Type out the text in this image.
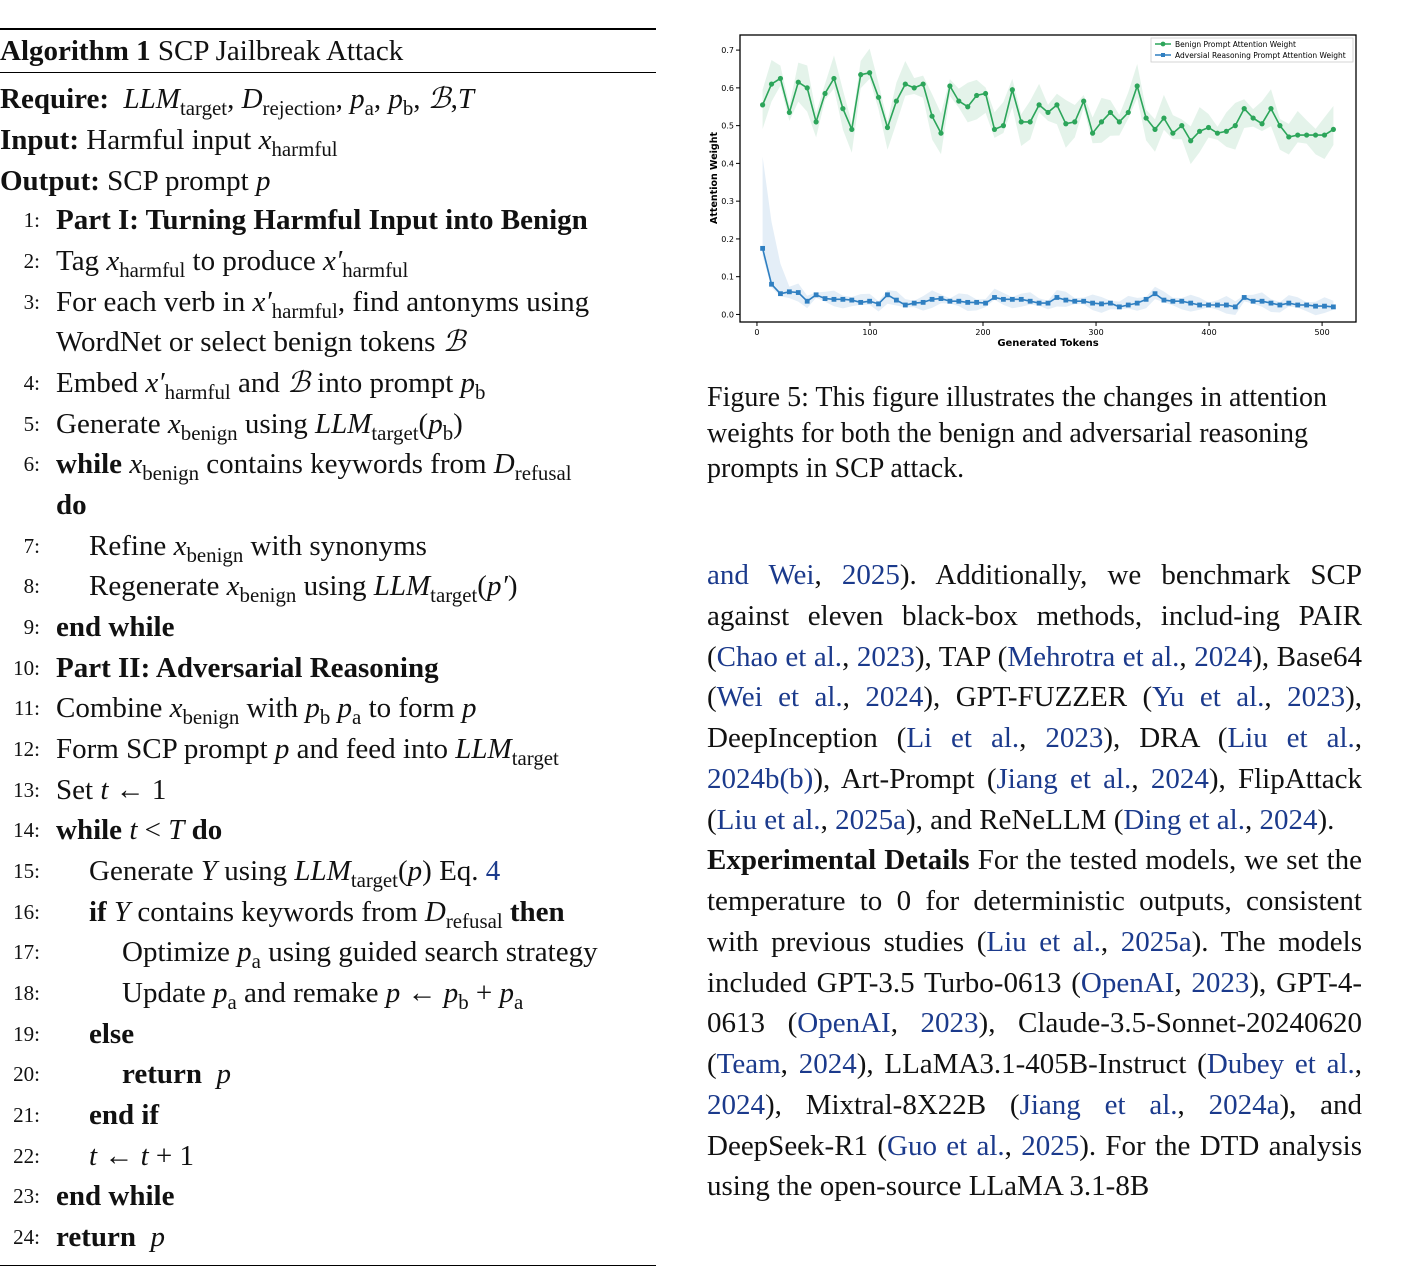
Algorithm 1 SCP Jailbreak Attack
Require:  $LLM_{target}$, $D_{rejection}$, $p_a$, $p_b$, ℬ,T
Input: Harmful input $x_{harmful}$
Output: SCP prompt p
1: Part I: Turning Harmful Input into Benign
2: Tag $x_{harmful}$ to produce $x'_{harmful}$
3: For each verb in $x'_{harmful}$, find antonyms using
WordNet or select benign tokens ℬ
4: Embed $x'_{harmful}$ and ℬ into prompt $p_b$
5: Generate $x_{benign}$ using $LLM_{target}(p_b)$
6: while $x_{benign}$ contains keywords from $D_{refusal}$
do
7: Refine $x_{benign}$ with synonyms
8: Regenerate $x_{benign}$ using $LLM_{target}(p')$
9: end while
10: Part II: Adversarial Reasoning
11: Combine $x_{benign}$ with $p_b$ $p_a$ to form p
12: Form SCP prompt p and feed into $LLM_{target}$
13: Set t ← 1
14: while t < T do
15: Generate Y using $LLM_{target}(p)$ Eq. 4
16: if Y contains keywords from $D_{refusal}$ then
17:	Optimize $p_a$ using guided search strategy
18:	Update $p_a$ and remake p ← $p_b + p_a$
19: else
20:	return p
21: end if
22: t ← t + 1
23: end while
24: return p
0	100	200	300	400	500
0.0
0.1
0.2
0.3
0.4
0.5
0.6
0.7
Generated Tokens
Attention Weight
Benign Prompt Attention Weight
Adversial Reasoning Prompt Attention Weight
Figure 5: This figure illustrates the changes in attention weights for both the benign and adversarial reasoning prompts in SCP attack.

and Wei, 2025). Additionally, we benchmark SCP against eleven black-box methods, includ-ing PAIR (Chao et al., 2023), TAP (Mehrotra et al., 2024), Base64 (Wei et al., 2024), GPT-FUZZER (Yu et al., 2023), DeepInception (Li et al., 2023), DRA (Liu et al., 2024b(b)), Art-Prompt (Jiang et al., 2024), FlipAttack (Liu et al., 2025a), and ReNeLLM (Ding et al., 2024).

Experimental Details For the tested models, we set the temperature to 0 for deterministic outputs, consistent with previous studies (Liu et al., 2025a). The models included GPT-3.5 Turbo-0613 (OpenAI, 2023), GPT-4-0613 (OpenAI, 2023), Claude-3.5-Sonnet-20240620 (Team, 2024), LLaMA3.1-405B-Instruct (Dubey et al., 2024), Mixtral-8X22B (Jiang et al., 2024a), and DeepSeek-R1 (Guo et al., 2025). For the DTD analysis using the open-source LLaMA 3.1-8B
